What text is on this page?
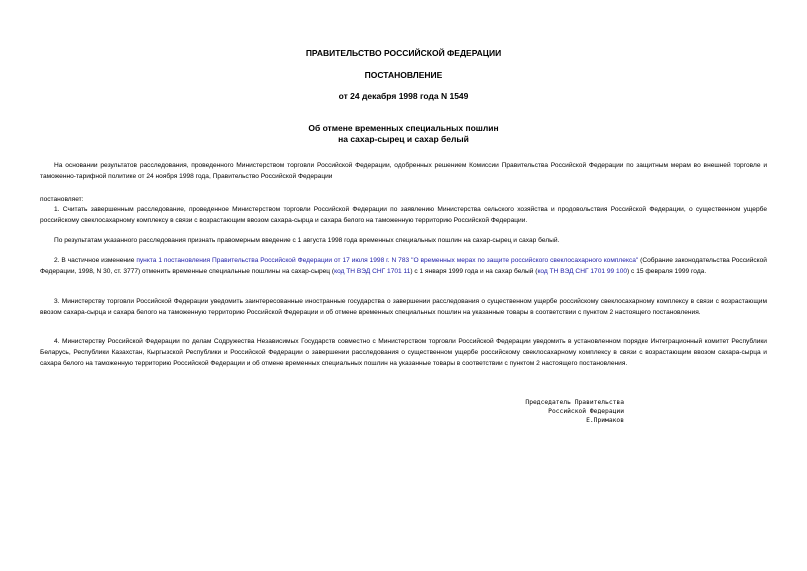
ПРАВИТЕЛЬСТВО РОССИЙСКОЙ ФЕДЕРАЦИИ
ПОСТАНОВЛЕНИЕ
от 24 декабря 1998 года N 1549
Об отмене временных специальных пошлин
на сахар-сырец и сахар белый

На основании результатов расследования, проведенного Министерством торговли Российской Федерации, одобренных решением Комиссии Правительства Российской Федерации по защитным мерам во внешней торговле и таможенно-тарифной политике от 24 ноября 1998 года, Правительство Российской Федерации

постановляет:

1. Считать завершенным расследование, проведенное Министерством торговли Российской Федерации по заявлению Министерства сельского хозяйства и продовольствия Российской Федерации, о существенном ущербе российскому свеклосахарному комплексу в связи с возрастающим ввозом сахара-сырца и сахара белого на таможенную территорию Российской Федерации.

По результатам указанного расследования признать правомерным введение с 1 августа 1998 года временных специальных пошлин на сахар-сырец и сахар белый.

2. В частичное изменение пункта 1 постановления Правительства Российской Федерации от 17 июля 1998 г. N 783 "О временных мерах по защите российского свеклосахарного комплекса" (Собрание законодательства Российской Федерации, 1998, N 30, ст. 3777) отменить временные специальные пошлины на сахар-сырец (код ТН ВЭД СНГ 1701 11) с 1 января 1999 года и на сахар белый (код ТН ВЭД СНГ 1701 99 100) с 15 февраля 1999 года.

3. Министерству торговли Российской Федерации уведомить заинтересованные иностранные государства о завершении расследования о существенном ущербе российскому свеклосахарному комплексу в связи с возрастающим ввозом сахара-сырца и сахара белого на таможенную территорию Российской Федерации и об отмене временных специальных пошлин на указанные товары в соответствии с пунктом 2 настоящего постановления.

4. Министерству Российской Федерации по делам Содружества Независимых Государств совместно с Министерством торговли Российской Федерации уведомить в установленном порядке Интеграционный комитет Республики Беларусь, Республики Казахстан, Кыргызской Республики и Российской Федерации о завершении расследования о существенном ущербе российскому свеклосахарному комплексу в связи с возрастающим ввозом сахара-сырца и сахара белого на таможенную территорию Российской Федерации и об отмене временных специальных пошлин на указанные товары в соответствии с пунктом 2 настоящего постановления.

Председатель Правительства
Российской Федерации
Е.Примаков
